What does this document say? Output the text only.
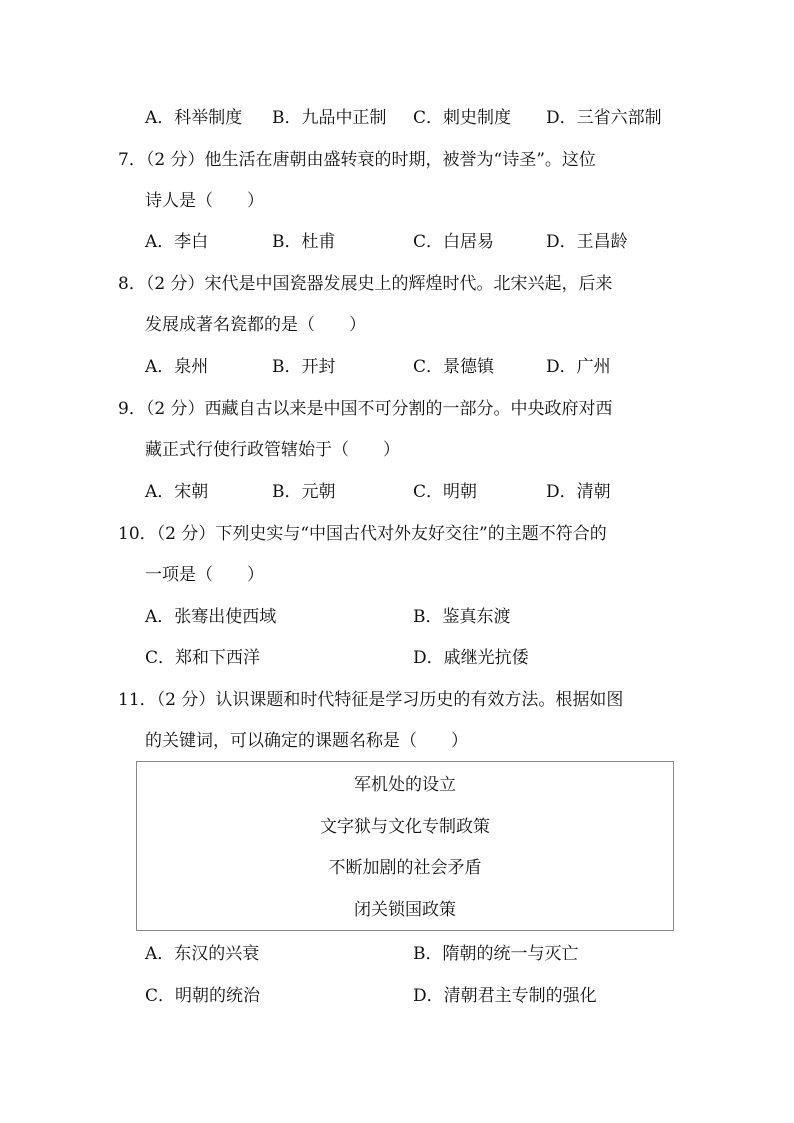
A．科举制度 B．九品中正制 C．刺史制度 D．三省六部制
7．（2 分）他生活在唐朝由盛转衰的时期，被誉为“诗圣”。这位
诗人是（　　）
A．李白	B．杜甫	C．白居易	D．王昌龄
8．（2 分）宋代是中国瓷器发展史上的辉煌时代。北宋兴起，后来
发展成著名瓷都的是（　　）
A．泉州	B．开封	C．景德镇	D．广州
9．（2 分）西藏自古以来是中国不可分割的一部分。中央政府对西
藏正式行使行政管辖始于（　　）
A．宋朝	B．元朝	C．明朝	D．清朝
10．（2 分）下列史实与“中国古代对外友好交往”的主题不符合的
一项是（　　）
A．张骞出使西域	B．鉴真东渡
C．郑和下西洋	D．戚继光抗倭
11．（2 分）认识课题和时代特征是学习历史的有效方法。根据如图
的关键词，可以确定的课题名称是（　　）
军机处的设立
文字狱与文化专制政策
不断加剧的社会矛盾
闭关锁国政策
A．东汉的兴衰	B．隋朝的统一与灭亡
C．明朝的统治	D．清朝君主专制的强化
